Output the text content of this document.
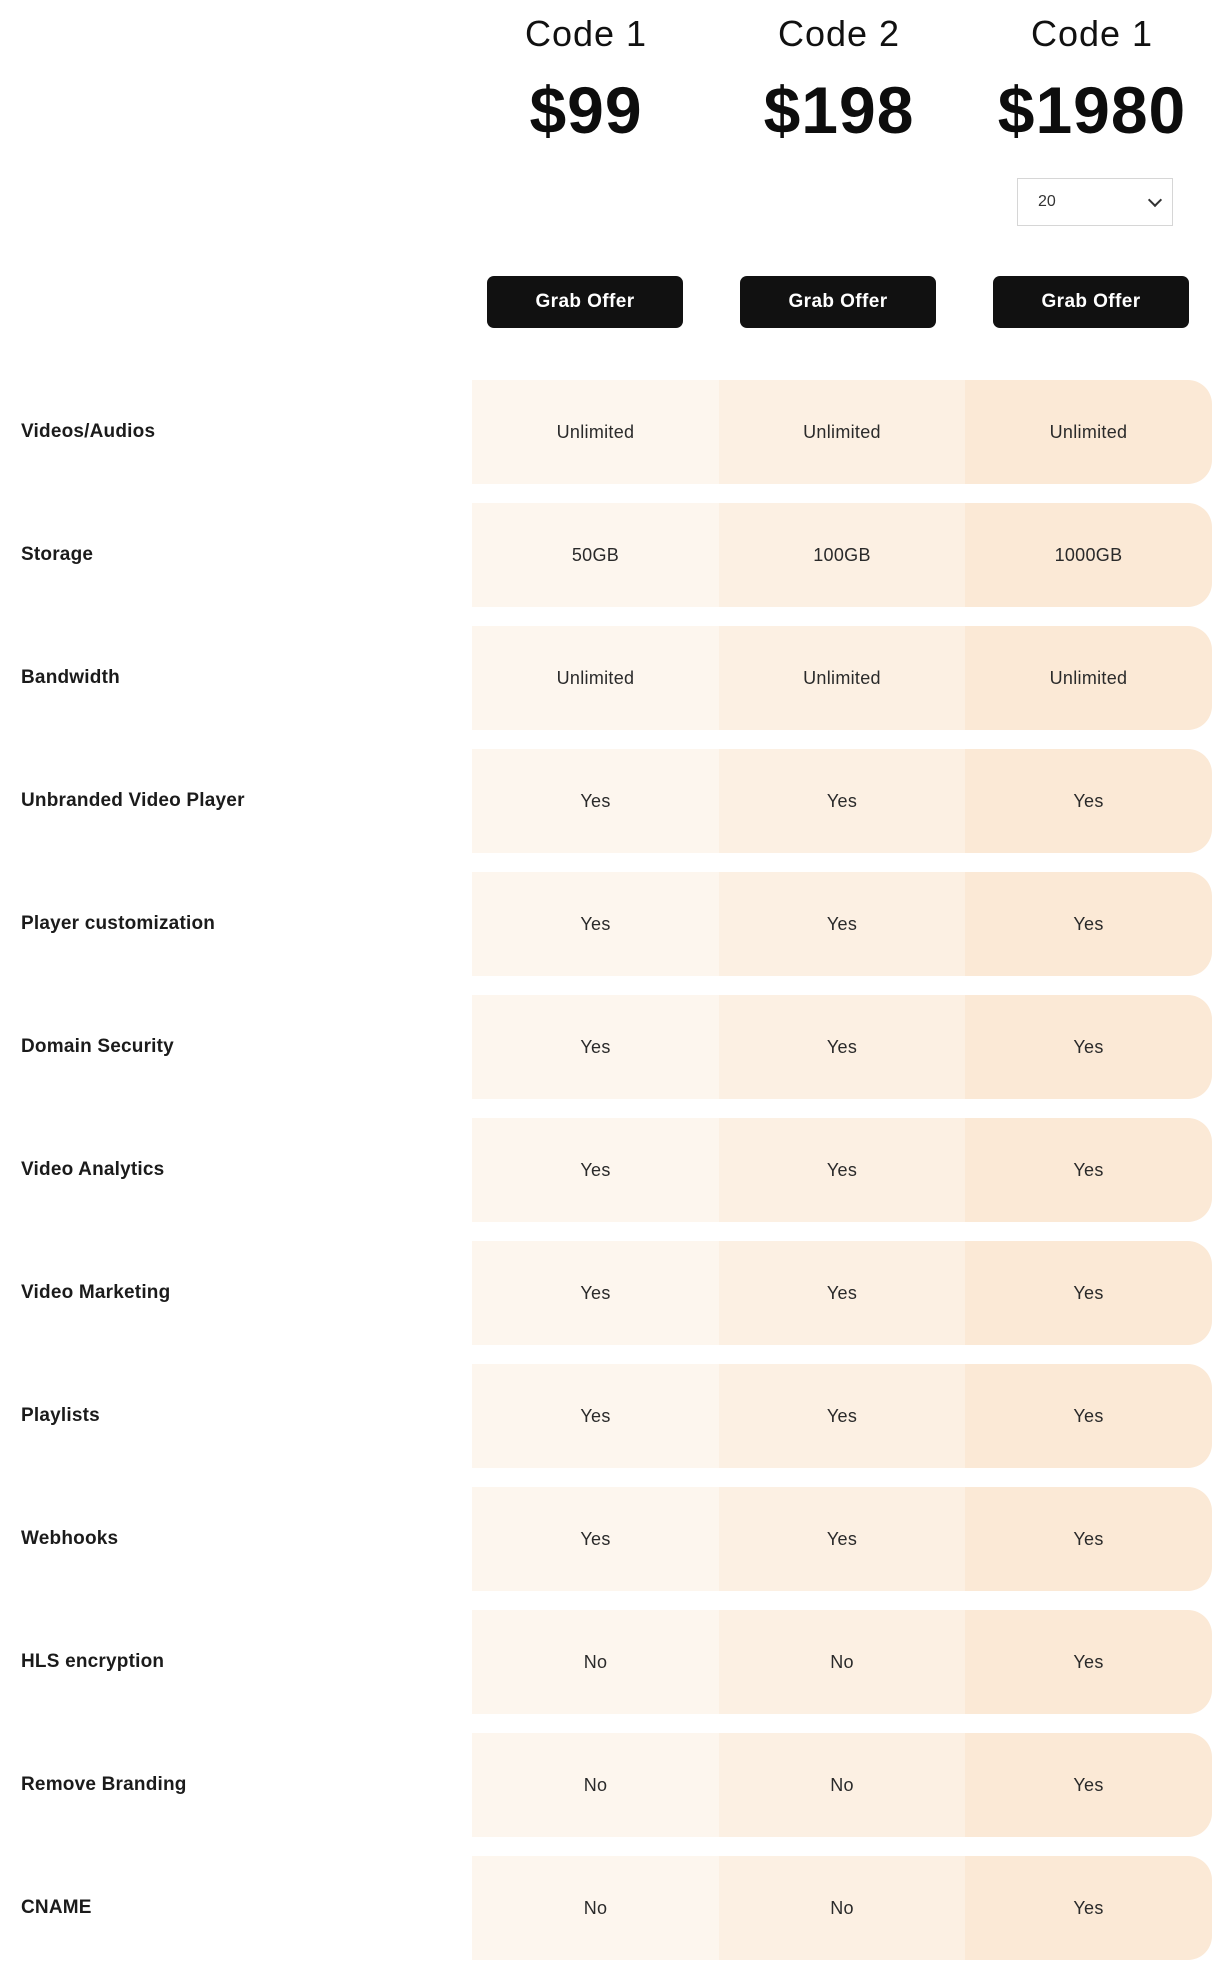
Code 1
$99
Grab Offer
Code 2
$198
Grab Offer
Code 1
$1980
20
Grab Offer
Videos/Audios	Unlimited	Unlimited	Unlimited
Storage	50GB	100GB	1000GB
Bandwidth	Unlimited	Unlimited	Unlimited
Unbranded Video Player	Yes	Yes	Yes
Player customization	Yes	Yes	Yes
Domain Security	Yes	Yes	Yes
Video Analytics	Yes	Yes	Yes
Video Marketing	Yes	Yes	Yes
Playlists	Yes	Yes	Yes
Webhooks	Yes	Yes	Yes
HLS encryption	No	No	Yes
Remove Branding	No	No	Yes
CNAME	No	No	Yes
